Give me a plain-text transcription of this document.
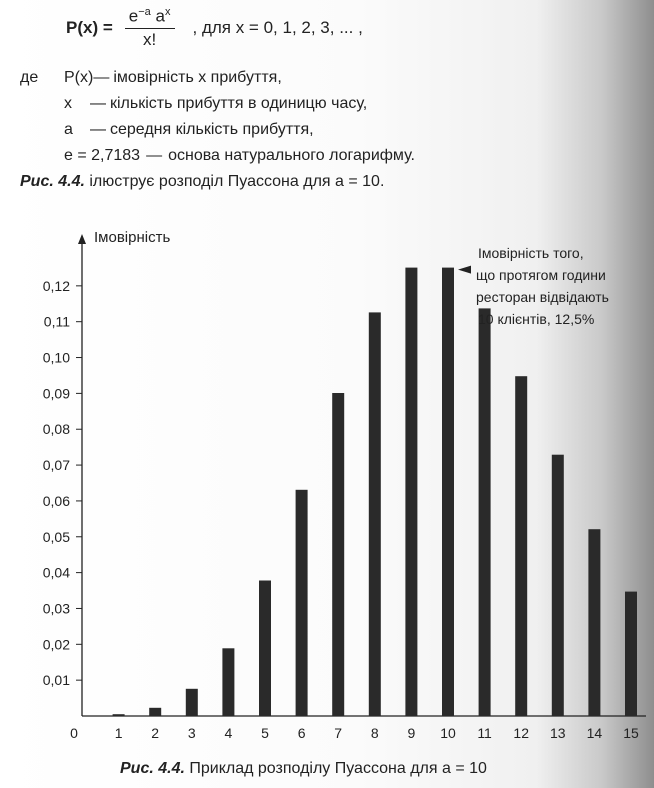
$P(x) = \frac{e^{-a} a^x}{x!}$ , для x = 0, 1, 2, 3, ... ,
де	P(x) — імовірність x прибуття,
x	— кількість прибуття в одиницю часу,
a	— середня кількість прибуття,
e = 2,7183 — основа натурального логарифму.
Рис. 4.4. ілюструє розподіл Пуассона для а = 10.
0,01
0,02
0,03
0,04
0,05
0,06
0,07
0,08
0,09
0,10
0,11
0,12
0	1 2 3 4 5 6 7 8 9 10 11 12 13 14 15
Імовірність
Імовірність того,
що протягом години
ресторан відвідають
10 клієнтів, 12,5%
Рис. 4.4. Приклад розподілу Пуассона для а = 10
